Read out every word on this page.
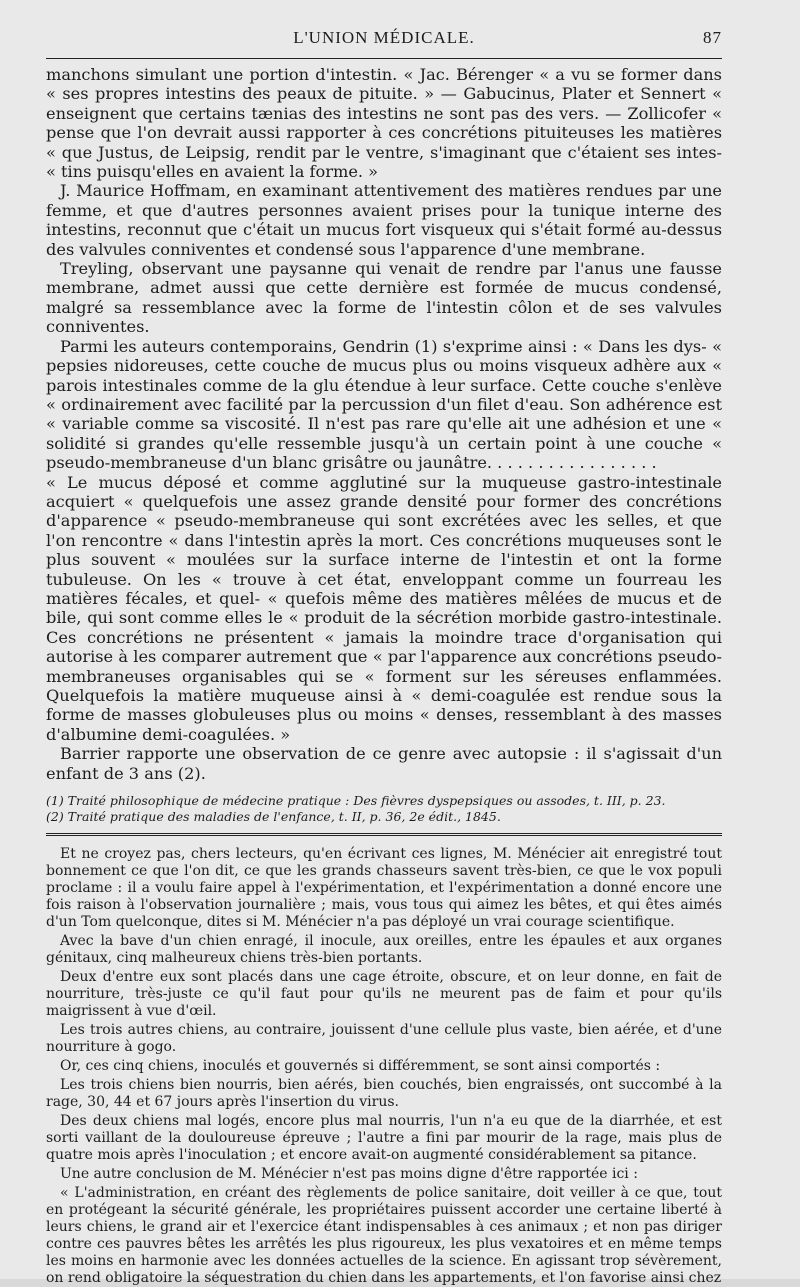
L'UNION MÉDICALE.	87

manchons simulant une portion d'intestin. « Jac. Bérenger « a vu se former dans « ses propres intestins des peaux de pituite. » — Gabucinus, Plater et Sennert « enseignent que certains tænias des intestins ne sont pas des vers. — Zollicofer « pense que l'on devrait aussi rapporter à ces concrétions pituiteuses les matières « que Justus, de Leipsig, rendit par le ventre, s'imaginant que c'étaient ses intes- « tins puisqu'elles en avaient la forme. »

J. Maurice Hoffmam, en examinant attentivement des matières rendues par une femme, et que d'autres personnes avaient prises pour la tunique interne des intestins, reconnut que c'était un mucus fort visqueux qui s'était formé au-dessus des valvules conniventes et condensé sous l'apparence d'une membrane.

Treyling, observant une paysanne qui venait de rendre par l'anus une fausse membrane, admet aussi que cette dernière est formée de mucus condensé, malgré sa ressemblance avec la forme de l'intestin côlon et de ses valvules conniventes.

Parmi les auteurs contemporains, Gendrin (1) s'exprime ainsi : « Dans les dys- « pepsies nidoreuses, cette couche de mucus plus ou moins visqueux adhère aux « parois intestinales comme de la glu étendue à leur surface. Cette couche s'enlève « ordinairement avec facilité par la percussion d'un filet d'eau. Son adhérence est « variable comme sa viscosité. Il n'est pas rare qu'elle ait une adhésion et une « solidité si grandes qu'elle ressemble jusqu'à un certain point à une couche « pseudo-membraneuse d'un blanc grisâtre ou jaunâtre. . . . . . . . . . . . . . . . .

« Le mucus déposé et comme agglutiné sur la muqueuse gastro-intestinale acquiert « quelquefois une assez grande densité pour former des concrétions d'apparence « pseudo-membraneuse qui sont excrétées avec les selles, et que l'on rencontre « dans l'intestin après la mort. Ces concrétions muqueuses sont le plus souvent « moulées sur la surface interne de l'intestin et ont la forme tubuleuse. On les « trouve à cet état, enveloppant comme un fourreau les matières fécales, et quel- « quefois même des matières mêlées de mucus et de bile, qui sont comme elles le « produit de la sécrétion morbide gastro-intestinale. Ces concrétions ne présentent « jamais la moindre trace d'organisation qui autorise à les comparer autrement que « par l'apparence aux concrétions pseudo-membraneuses organisables qui se « forment sur les séreuses enflammées. Quelquefois la matière muqueuse ainsi à « demi-coagulée est rendue sous la forme de masses globuleuses plus ou moins « denses, ressemblant à des masses d'albumine demi-coagulées. »

Barrier rapporte une observation de ce genre avec autopsie : il s'agissait d'un enfant de 3 ans (2).

(1) Traité philosophique de médecine pratique : Des fièvres dyspepsiques ou assodes, t. III, p. 23.

(2) Traité pratique des maladies de l'enfance, t. II, p. 36, 2e édit., 1845.

Et ne croyez pas, chers lecteurs, qu'en écrivant ces lignes, M. Ménécier ait enregistré tout bonnement ce que l'on dit, ce que les grands chasseurs savent très-bien, ce que le vox populi proclame : il a voulu faire appel à l'expérimentation, et l'expérimentation a donné encore une fois raison à l'observation journalière ; mais, vous tous qui aimez les bêtes, et qui êtes aimés d'un Tom quelconque, dites si M. Ménécier n'a pas déployé un vrai courage scientifique.

Avec la bave d'un chien enragé, il inocule, aux oreilles, entre les épaules et aux organes génitaux, cinq malheureux chiens très-bien portants.

Deux d'entre eux sont placés dans une cage étroite, obscure, et on leur donne, en fait de nourriture, très-juste ce qu'il faut pour qu'ils ne meurent pas de faim et pour qu'ils maigrissent à vue d'œil.

Les trois autres chiens, au contraire, jouissent d'une cellule plus vaste, bien aérée, et d'une nourriture à gogo.

Or, ces cinq chiens, inoculés et gouvernés si différemment, se sont ainsi comportés :

Les trois chiens bien nourris, bien aérés, bien couchés, bien engraissés, ont succombé à la rage, 30, 44 et 67 jours après l'insertion du virus.

Des deux chiens mal logés, encore plus mal nourris, l'un n'a eu que de la diarrhée, et est sorti vaillant de la douloureuse épreuve ; l'autre a fini par mourir de la rage, mais plus de quatre mois après l'inoculation ; et encore avait-on augmenté considérablement sa pitance.

Une autre conclusion de M. Ménécier n'est pas moins digne d'être rapportée ici :

« L'administration, en créant des règlements de police sanitaire, doit veiller à ce que, tout en protégeant la sécurité générale, les propriétaires puissent accorder une certaine liberté à leurs chiens, le grand air et l'exercice étant indispensables à ces animaux ; et non pas diriger contre ces pauvres bêtes les arrêtés les plus rigoureux, les plus vexatoires et en même temps les moins en harmonie avec les données actuelles de la science. En agissant trop sévèrement, on rend obligatoire la séquestration du chien dans les appartements, et l'on favorise ainsi chez
